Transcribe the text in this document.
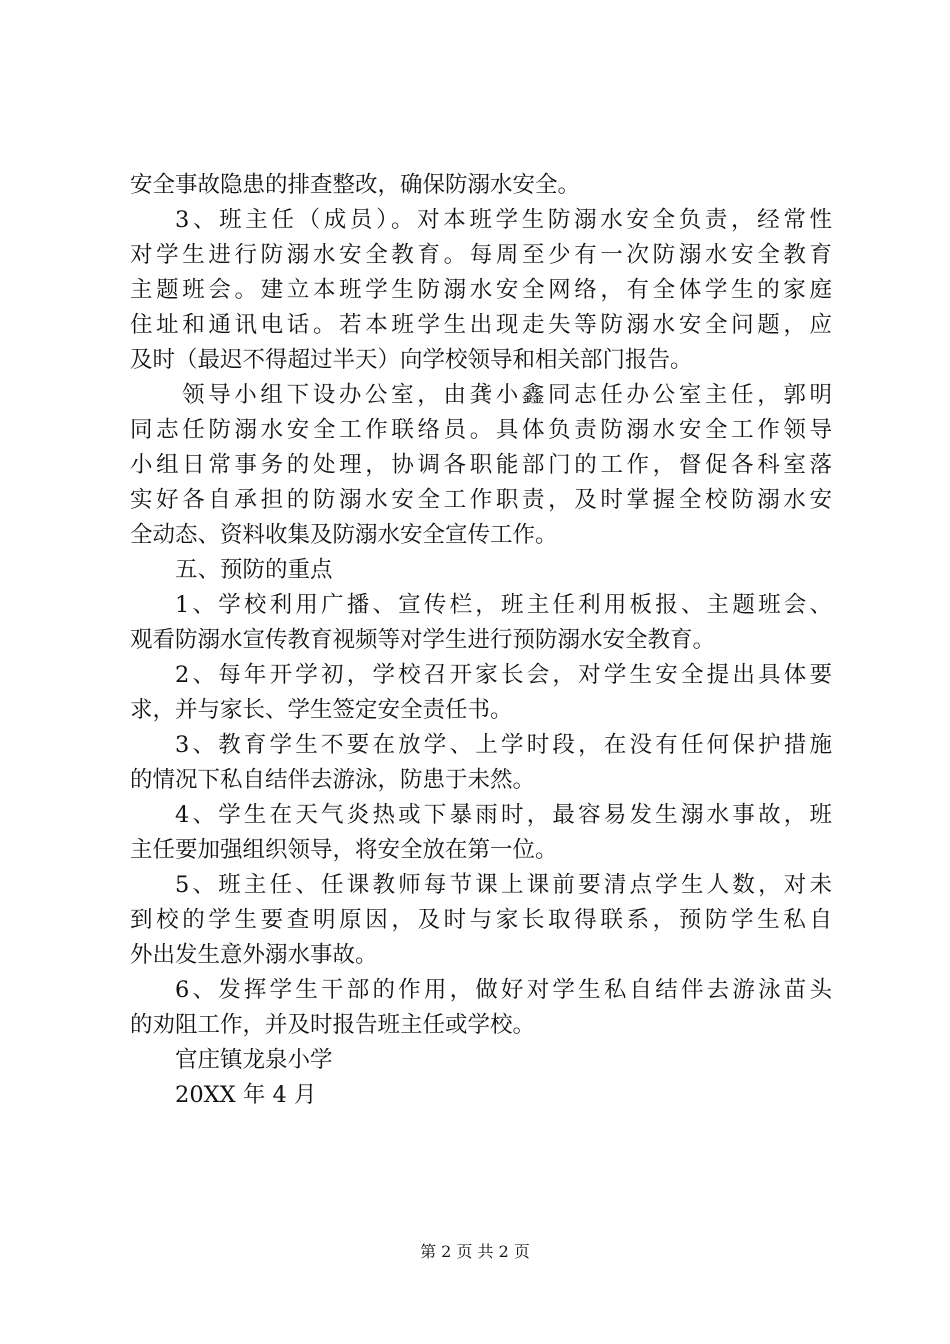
安全事故隐患的排查整改，确保防溺水安全。
3、班主任（成员）。对本班学生防溺水安全负责，经常性
对学生进行防溺水安全教育。每周至少有一次防溺水安全教育
主题班会。建立本班学生防溺水安全网络，有全体学生的家庭
住址和通讯电话。若本班学生出现走失等防溺水安全问题，应
及时（最迟不得超过半天）向学校领导和相关部门报告。
领导小组下设办公室，由龚小鑫同志任办公室主任，郭明
同志任防溺水安全工作联络员。具体负责防溺水安全工作领导
小组日常事务的处理，协调各职能部门的工作，督促各科室落
实好各自承担的防溺水安全工作职责，及时掌握全校防溺水安
全动态、资料收集及防溺水安全宣传工作。
五、预防的重点
1、学校利用广播、宣传栏，班主任利用板报、主题班会、
观看防溺水宣传教育视频等对学生进行预防溺水安全教育。
2、每年开学初，学校召开家长会，对学生安全提出具体要
求，并与家长、学生签定安全责任书。
3、教育学生不要在放学、上学时段，在没有任何保护措施
的情况下私自结伴去游泳，防患于未然。
4、学生在天气炎热或下暴雨时，最容易发生溺水事故，班
主任要加强组织领导，将安全放在第一位。
5、班主任、任课教师每节课上课前要清点学生人数，对未
到校的学生要查明原因，及时与家长取得联系，预防学生私自
外出发生意外溺水事故。
6、发挥学生干部的作用，做好对学生私自结伴去游泳苗头
的劝阻工作，并及时报告班主任或学校。
官庄镇龙泉小学
20XX 年 4 月
第 2 页 共 2 页
